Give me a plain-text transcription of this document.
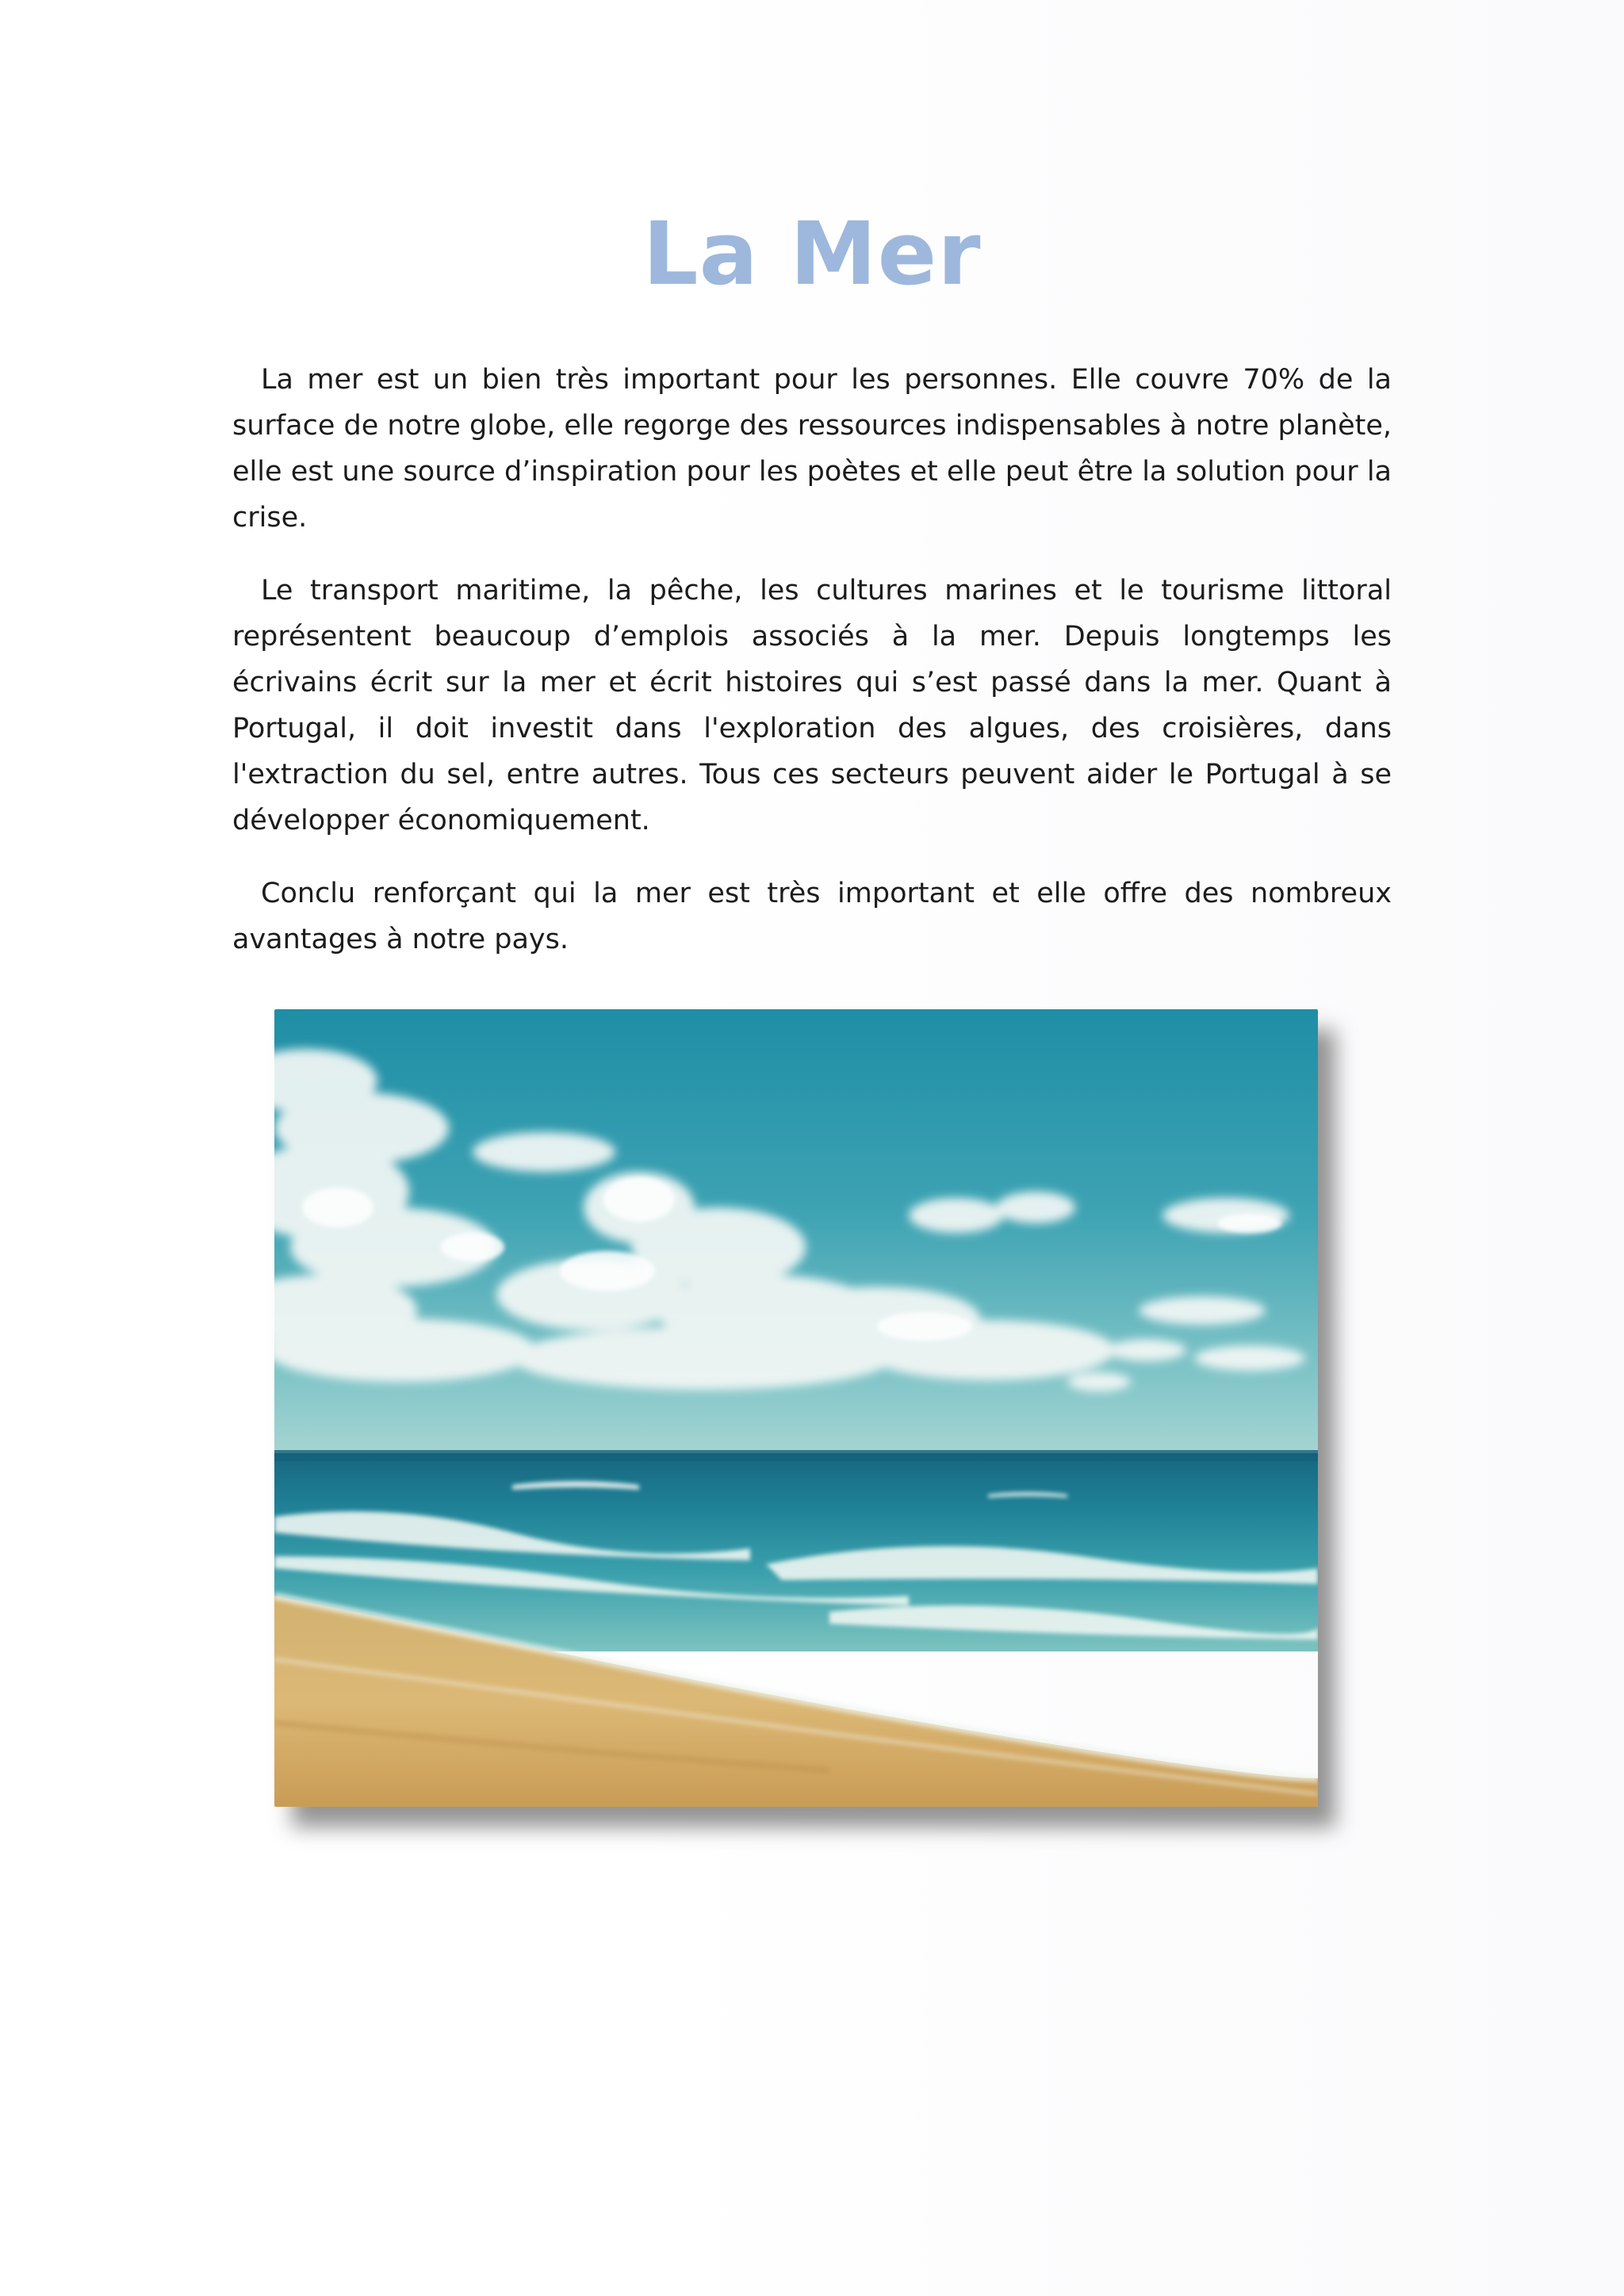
La Mer

La mer est un bien très important pour les personnes. Elle couvre 70% de la surface de notre globe, elle regorge des ressources indispensables à notre planète, elle est une source d’inspiration pour les poètes et elle peut être la solution pour la crise.

Le transport maritime, la pêche, les cultures marines et le tourisme littoral représentent beaucoup d’emplois associés à la mer. Depuis longtemps les écrivains écrit sur la mer et écrit histoires qui s’est passé dans la mer. Quant à Portugal, il doit investit dans l'exploration des algues, des croisières, dans l'extraction du sel, entre autres. Tous ces secteurs peuvent aider le Portugal à se développer économiquement.

Conclu renforçant qui la mer est très important et elle offre des nombreux avantages à notre pays.
